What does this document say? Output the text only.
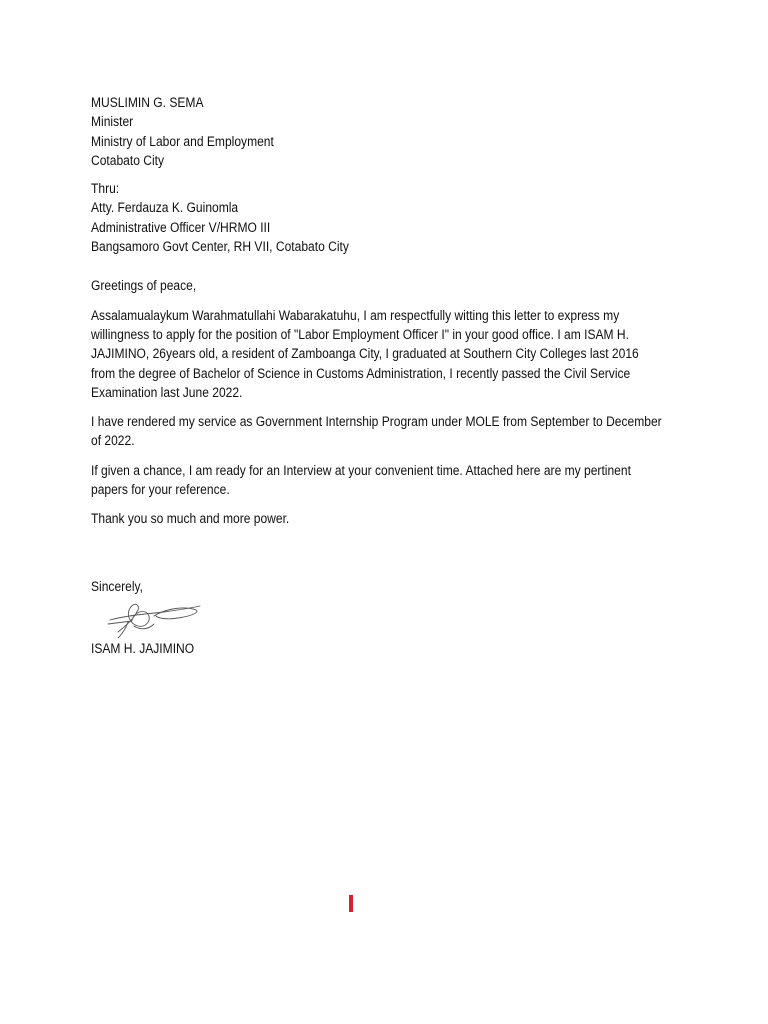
MUSLIMIN G. SEMA
Minister
Ministry of Labor and Employment
Cotabato City
Thru:
Atty. Ferdauza K. Guinomla
Administrative Officer V/HRMO III
Bangsamoro Govt Center, RH VII, Cotabato City

Greetings of peace,

Assalamualaykum Warahmatullahi Wabarakatuhu, I am respectfully witting this letter to express my
willingness to apply for the position of "Labor Employment Officer I" in your good office. I am ISAM H.
JAJIMINO, 26years old, a resident of Zamboanga City, I graduated at Southern City Colleges last 2016
from the degree of Bachelor of Science in Customs Administration, I recently passed the Civil Service
Examination last June 2022.

I have rendered my service as Government Internship Program under MOLE from September to December
of 2022.

If given a chance, I am ready for an Interview at your convenient time. Attached here are my pertinent
papers for your reference.

Thank you so much and more power.

Sincerely,
ISAM H. JAJIMINO
